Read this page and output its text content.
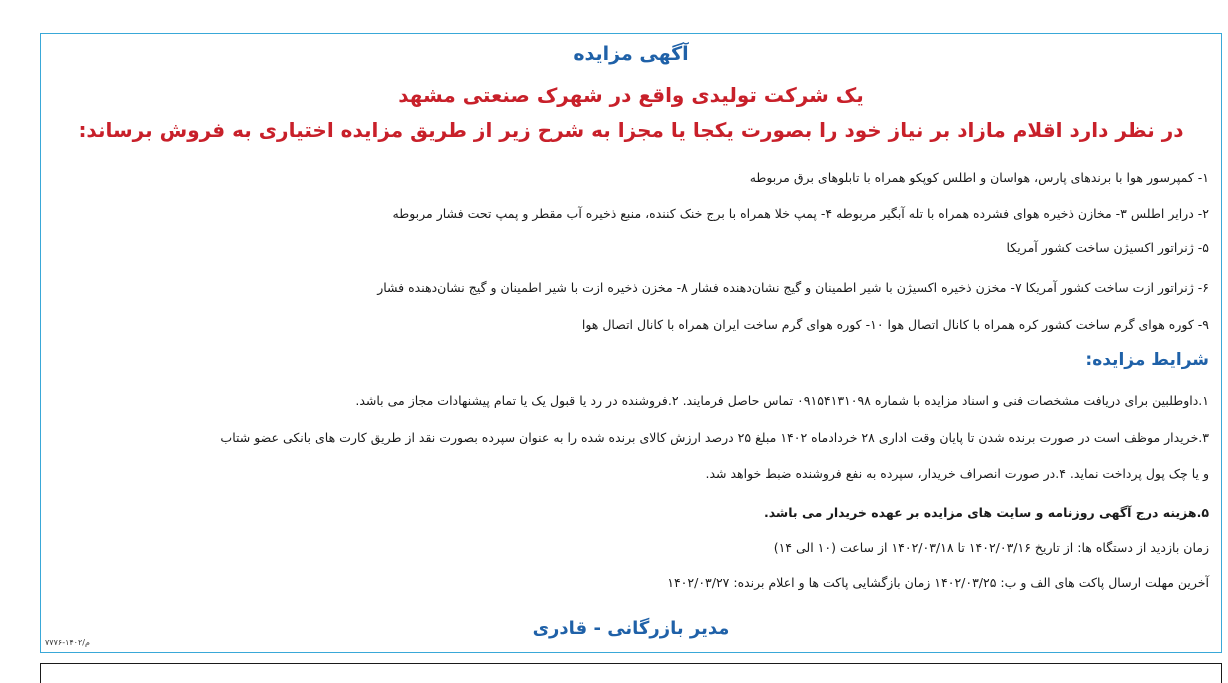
آگهی مزایده
یک شرکت تولیدی واقع در شهرک صنعتی مشهد
در نظر دارد اقلام مازاد بر نیاز خود را بصورت یکجا یا مجزا به شرح زیر از طریق مزایده اختیاری به فروش برساند:
۱- کمپرسور هوا با برندهای پارس، هواسان و اطلس کوپکو همراه با تابلوهای برق مربوطه
۲- درایر اطلس ۳- مخازن ذخیره هوای فشرده همراه با تله آبگیر مربوطه ۴- پمپ خلا همراه با برج خنک کننده، منبع ذخیره آب مقطر و پمپ تحت فشار مربوطه
۵- ژنراتور اکسیژن ساخت کشور آمریکا
۶- ژنراتور ازت ساخت کشور آمریکا ۷- مخزن ذخیره اکسیژن با شیر اطمینان و گیج نشان‌دهنده فشار ۸- مخزن ذخیره ازت با شیر اطمینان و گیج نشان‌دهنده فشار
۹- کوره هوای گرم ساخت کشور کره همراه با کانال اتصال هوا ۱۰- کوره هوای گرم ساخت ایران همراه با کانال اتصال هوا
شرایط مزایده:
۱.داوطلبین برای دریافت مشخصات فنی و اسناد مزایده با شماره ۰۹۱۵۴۱۳۱۰۹۸ تماس حاصل فرمایند. ۲.فروشنده در رد یا قبول یک یا تمام پیشنهادات مجاز می باشد.
۳.خریدار موظف است در صورت برنده شدن تا پایان وقت اداری ۲۸ خردادماه ۱۴۰۲ مبلغ ۲۵ درصد ارزش کالای برنده شده را به عنوان سپرده بصورت نقد از طریق کارت های بانکی عضو شتاب
و یا چک پول پرداخت نماید. ۴.در صورت انصراف خریدار، سپرده به نفع فروشنده ضبط خواهد شد.
۵.هزینه درج آگهی روزنامه و سایت های مزایده بر عهده خریدار می باشد.
زمان بازدید از دستگاه ها: از تاریخ ۱۴۰۲/۰۳/۱۶ تا ۱۴۰۲/۰۳/۱۸ از ساعت (۱۰ الی ۱۴)
آخرین مهلت ارسال پاکت های الف و ب: ۱۴۰۲/۰۳/۲۵ زمان بازگشایی پاکت ها و اعلام برنده: ۱۴۰۲/۰۳/۲۷
مدیر بازرگانی - قادری
م/۱۴۰۲-۷۷۷۶
